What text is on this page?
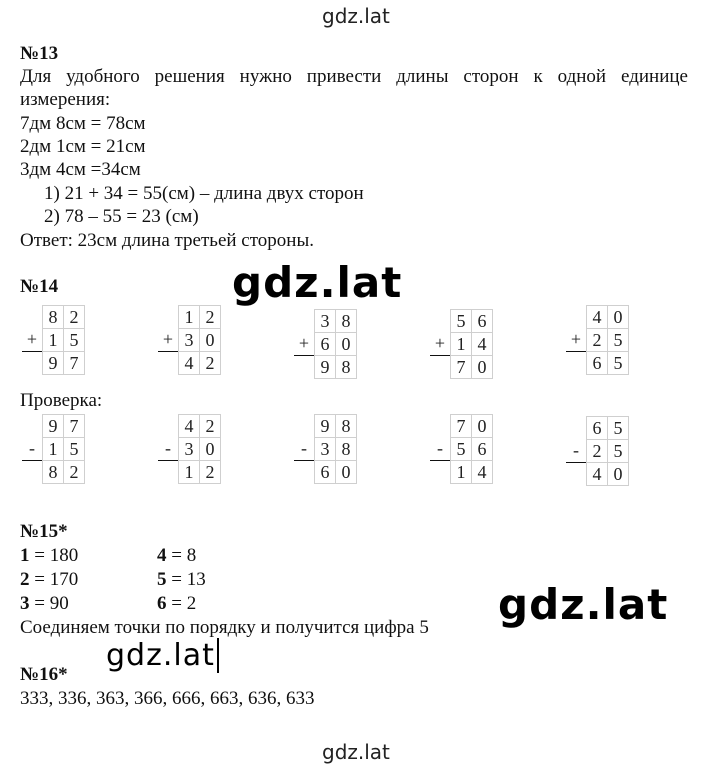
gdz.lat
№13
Для удобного решения нужно привести длины сторон к одной единице
измерения:
7дм 8см = 78см
2дм 1см = 21см
3дм 4см =34см
1) 21 + 34 = 55(см) – длина двух сторон
2) 78 – 55 = 23 (см)
Ответ: 23см длина третьей стороны.
№14
	8	2
+	1	5
	9	7
	1	2
+	3	0
	4	2
	3	8
+	6	0
	9	8
	5	6
+	1	4
	7	0
	4	0
+	2	5
	6	5
Проверка:
	9	7
-	1	5
	8	2
	4	2
-	3	0
	1	2
	9	8
-	3	8
	6	0
	7	0
-	5	6
	1	4
	6	5
-	2	5
	4	0
№15*
1 = 180
2 = 170
3 = 90
4 = 8
5 = 13
6 = 2
Соединяем точки по порядку и получится цифра 5
№16*
333, 336, 363, 366, 666, 663, 636, 633
gdz.lat
gdz.lat
gdz.lat
gdz.lat
